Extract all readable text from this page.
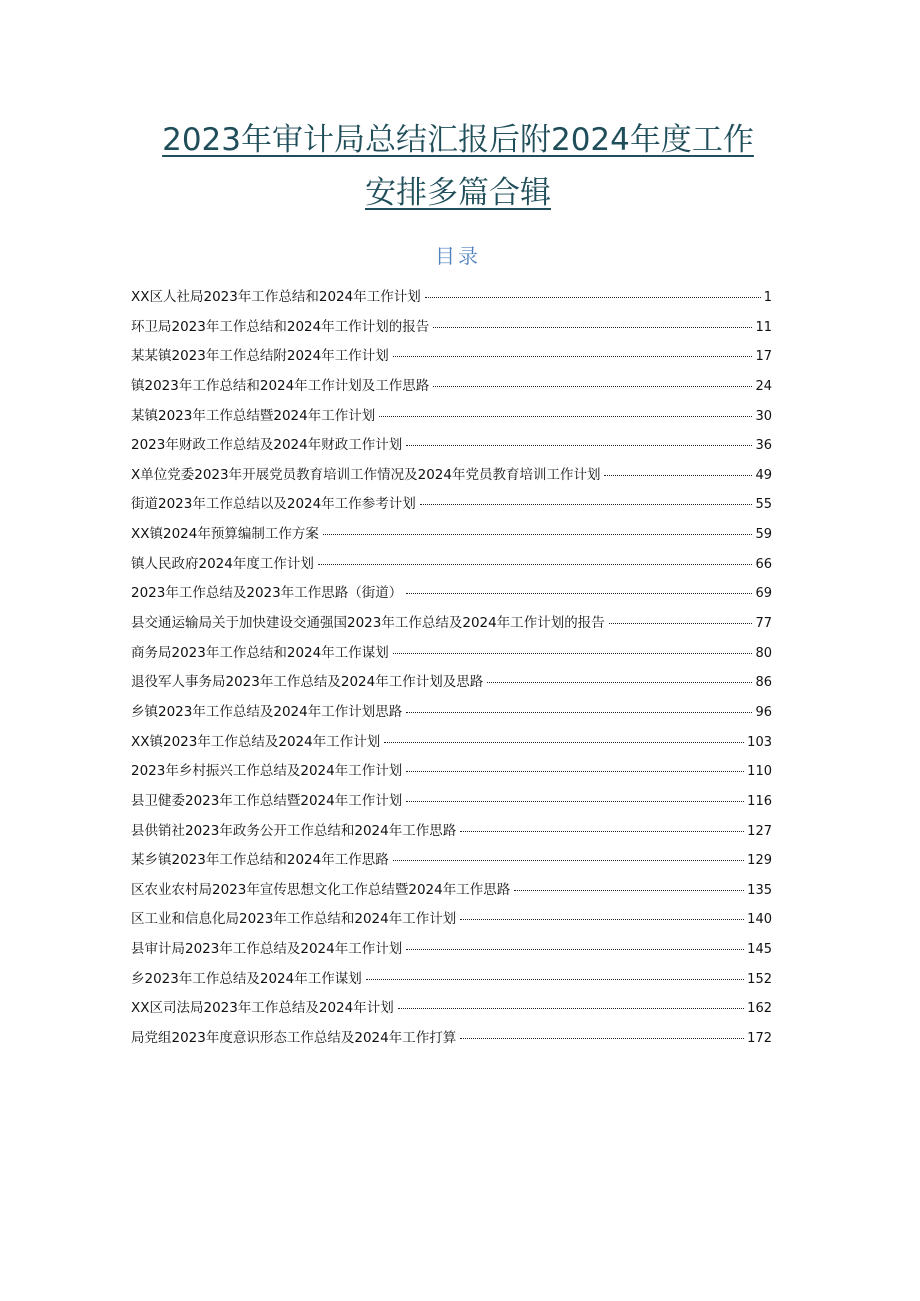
2023年审计局总结汇报后附2024年度工作
安排多篇合辑
目录
XX区人社局2023年工作总结和2024年工作计划	1
环卫局2023年工作总结和2024年工作计划的报告	11
某某镇2023年工作总结附2024年工作计划	17
镇2023年工作总结和2024年工作计划及工作思路	24
某镇2023年工作总结暨2024年工作计划	30
2023年财政工作总结及2024年财政工作计划	36
X单位党委2023年开展党员教育培训工作情况及2024年党员教育培训工作计划	49
街道2023年工作总结以及2024年工作参考计划	55
XX镇2024年预算编制工作方案	59
镇人民政府2024年度工作计划	66
2023年工作总结及2023年工作思路（街道）	69
县交通运输局关于加快建设交通强国2023年工作总结及2024年工作计划的报告	77
商务局2023年工作总结和2024年工作谋划	80
退役军人事务局2023年工作总结及2024年工作计划及思路	86
乡镇2023年工作总结及2024年工作计划思路	96
XX镇2023年工作总结及2024年工作计划	103
2023年乡村振兴工作总结及2024年工作计划	110
县卫健委2023年工作总结暨2024年工作计划	116
县供销社2023年政务公开工作总结和2024年工作思路	127
某乡镇2023年工作总结和2024年工作思路	129
区农业农村局2023年宣传思想文化工作总结暨2024年工作思路	135
区工业和信息化局2023年工作总结和2024年工作计划	140
县审计局2023年工作总结及2024年工作计划	145
乡2023年工作总结及2024年工作谋划	152
XX区司法局2023年工作总结及2024年计划	162
局党组2023年度意识形态工作总结及2024年工作打算	172
